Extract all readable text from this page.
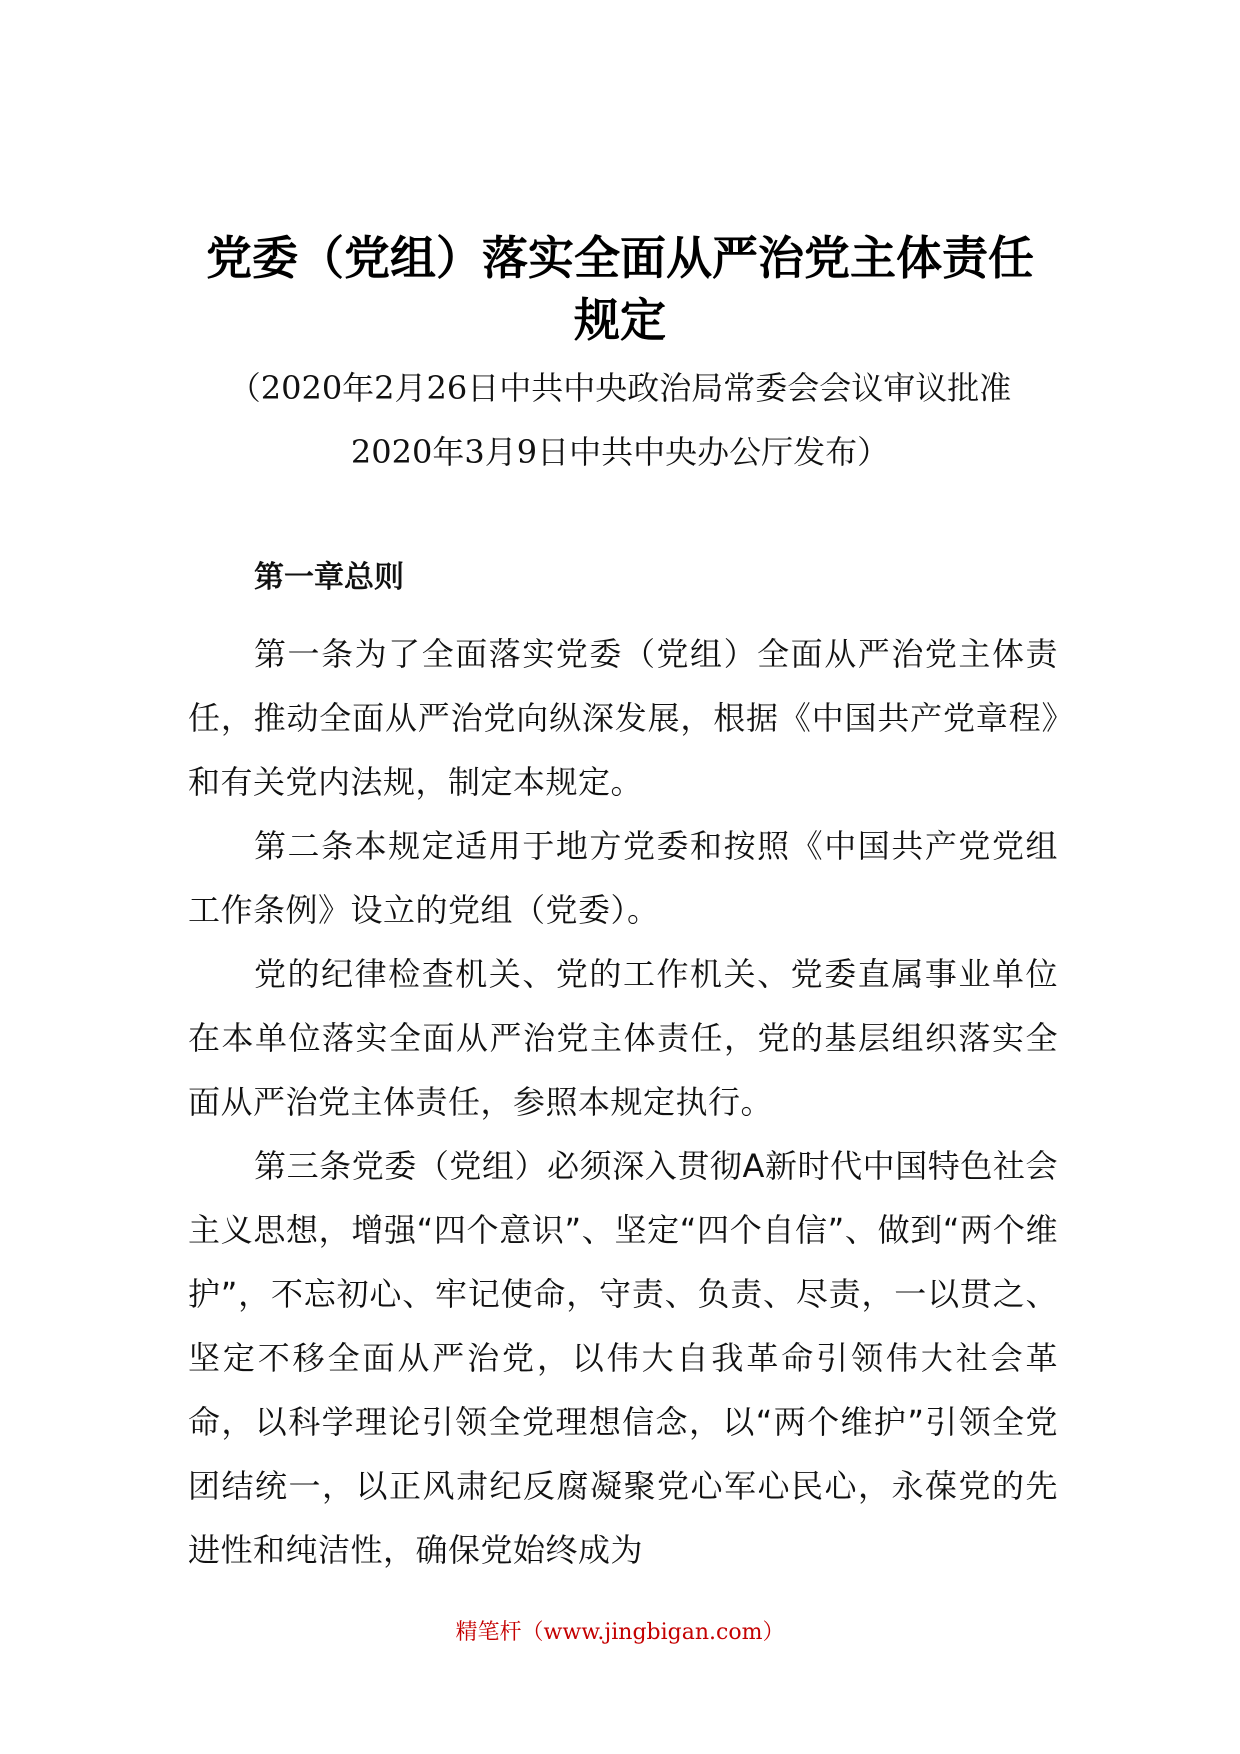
党委（党组）落实全面从严治党主体责任
规定

（2020年2月26日中共中央政治局常委会会议审议批准

2020年3月9日中共中央办公厅发布）

第一章总则

第一条为了全面落实党委（党组）全面从严治党主体责任，推动全面从严治党向纵深发展，根据《中国共产党章程》和有关党内法规，制定本规定。

第二条本规定适用于地方党委和按照《中国共产党党组工作条例》设立的党组（党委）。

党的纪律检查机关、党的工作机关、党委直属事业单位在本单位落实全面从严治党主体责任，党的基层组织落实全面从严治党主体责任，参照本规定执行。

第三条党委（党组）必须深入贯彻A新时代中国特色社会主义思想，增强“四个意识”、坚定“四个自信”、做到“两个维护”，不忘初心、牢记使命，守责、负责、尽责，一以贯之、坚定不移全面从严治党，以伟大自我革命引领伟大社会革命，以科学理论引领全党理想信念，以“两个维护”引领全党团结统一，以正风肃纪反腐凝聚党心军心民心，永葆党的先进性和纯洁性，确保党始终成为

精笔杆（www.jingbigan.com）
